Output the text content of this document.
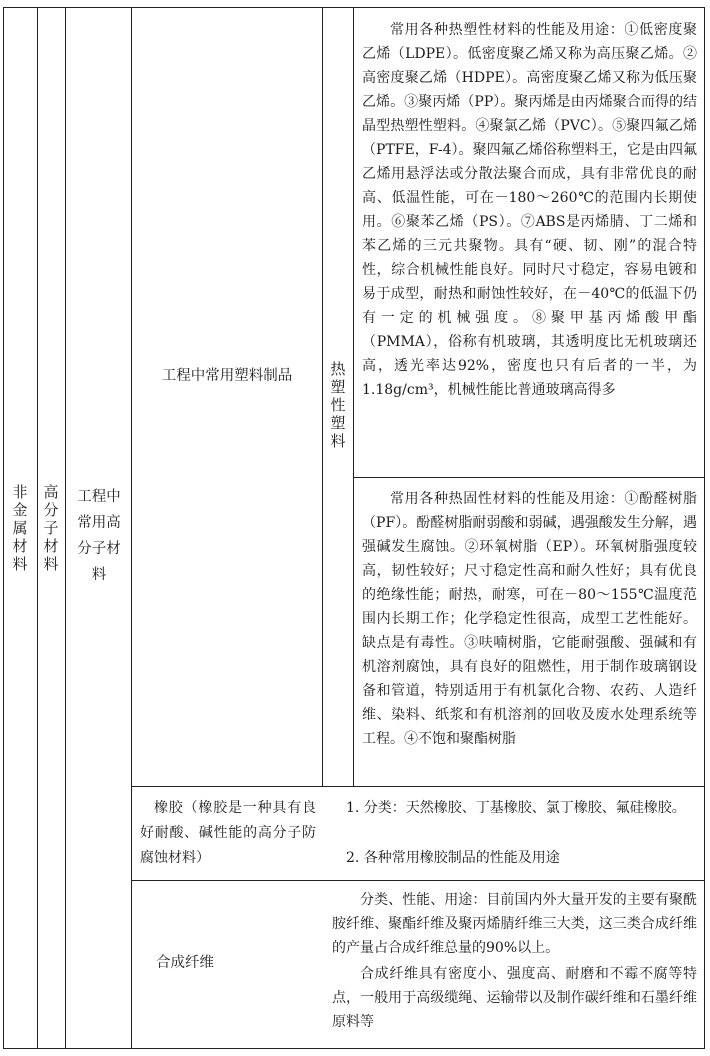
非金属材料
高分子材料
工程中常用高分子材料
工程中常用塑料制品	热塑性塑料
常用各种热塑性材料的性能及用途：①低密度聚乙烯（LDPE）。低密度聚乙烯又称为高压聚乙烯。②高密度聚乙烯（HDPE）。高密度聚乙烯又称为低压聚乙烯。③聚丙烯（PP）。聚丙烯是由丙烯聚合而得的结晶型热塑性塑料。④聚氯乙烯（PVC）。⑤聚四氟乙烯（PTFE，F-4）。聚四氟乙烯俗称塑料王，它是由四氟乙烯用悬浮法或分散法聚合而成，具有非常优良的耐高、低温性能，可在－180～260℃的范围内长期使用。⑥聚苯乙烯（PS）。⑦ABS是丙烯腈、丁二烯和苯乙烯的三元共聚物。具有“硬、韧、刚”的混合特性，综合机械性能良好。同时尺寸稳定，容易电镀和易于成型，耐热和耐蚀性较好，在－40℃的低温下仍有一定的机械强度。⑧聚甲基丙烯酸甲酯（PMMA），俗称有机玻璃，其透明度比无机玻璃还高，透光率达92%，密度也只有后者的一半，为1.18g/cm³，机械性能比普通玻璃高得多
常用各种热固性材料的性能及用途：①酚醛树脂（PF）。酚醛树脂耐弱酸和弱碱，遇强酸发生分解，遇强碱发生腐蚀。②环氧树脂（EP）。环氧树脂强度较高，韧性较好；尺寸稳定性高和耐久性好；具有优良的绝缘性能；耐热，耐寒，可在－80～155℃温度范围内长期工作；化学稳定性很高，成型工艺性能好。缺点是有毒性。③呋喃树脂，它能耐强酸、强碱和有机溶剂腐蚀，具有良好的阻燃性，用于制作玻璃钢设备和管道，特别适用于有机氯化合物、农药、人造纤维、染料、纸浆和有机溶剂的回收及废水处理系统等工程。④不饱和聚酯树脂
橡胶（橡胶是一种具有良好耐酸、碱性能的高分子防腐蚀材料）
1. 分类：天然橡胶、丁基橡胶、氯丁橡胶、氟硅橡胶。
2. 各种常用橡胶制品的性能及用途
合成纤维
分类、性能、用途：目前国内外大量开发的主要有聚酰胺纤维、聚酯纤维及聚丙烯腈纤维三大类，这三类合成纤维的产量占合成纤维总量的90%以上。
合成纤维具有密度小、强度高、耐磨和不霉不腐等特点，一般用于高级缆绳、运输带以及制作碳纤维和石墨纤维原料等
